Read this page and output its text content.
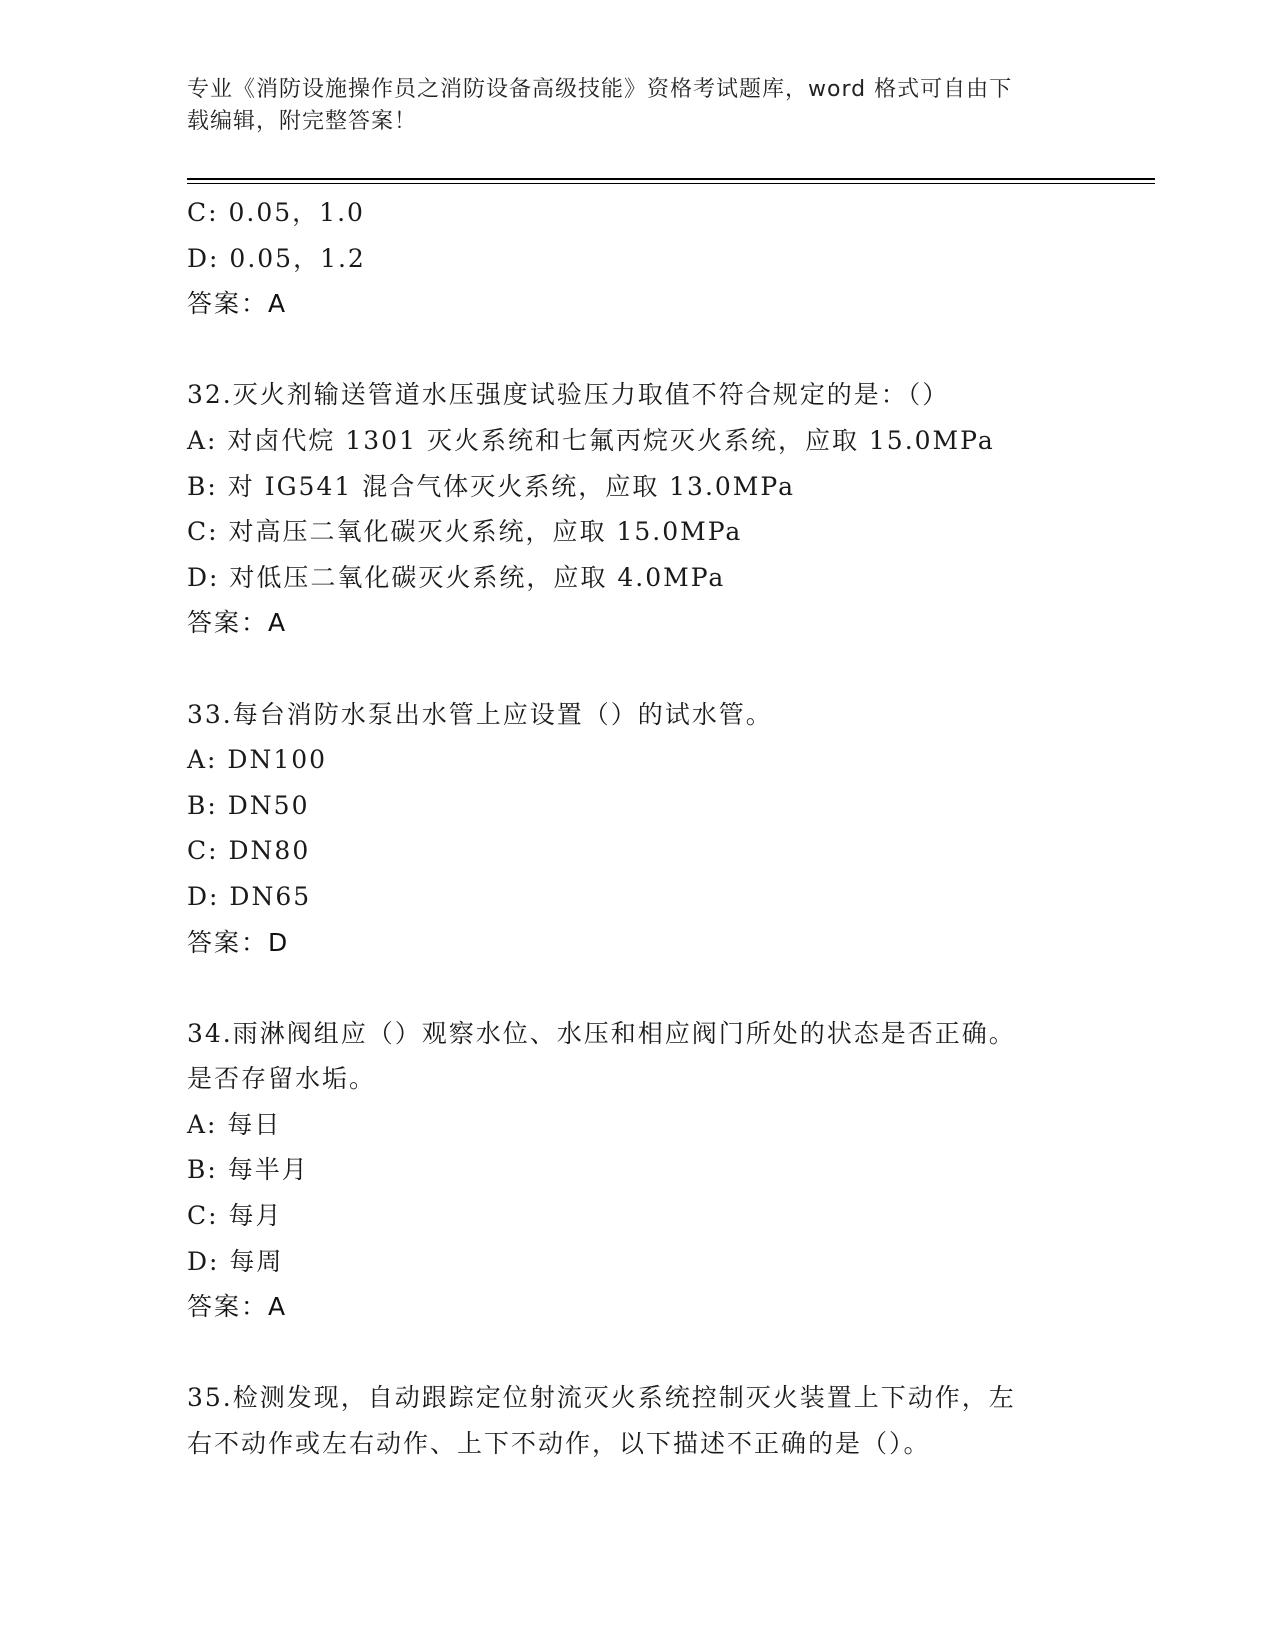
专业《消防设施操作员之消防设备高级技能》资格考试题库，word 格式可自由下
载编辑，附完整答案！
C: 0.05，1.0
D: 0.05，1.2
答案：A
32.灭火剂输送管道水压强度试验压力取值不符合规定的是：（）
A: 对卤代烷 1301 灭火系统和七氟丙烷灭火系统，应取 15.0MPa
B: 对 IG541 混合气体灭火系统，应取 13.0MPa
C: 对高压二氧化碳灭火系统，应取 15.0MPa
D: 对低压二氧化碳灭火系统，应取 4.0MPa
答案：A
33.每台消防水泵出水管上应设置（）的试水管。
A: DN100
B: DN50
C: DN80
D: DN65
答案：D
34.雨淋阀组应（）观察水位、水压和相应阀门所处的状态是否正确。
是否存留水垢。
A: 每日
B: 每半月
C: 每月
D: 每周
答案：A
35.检测发现，自动跟踪定位射流灭火系统控制灭火装置上下动作，左
右不动作或左右动作、上下不动作，以下描述不正确的是（）。
